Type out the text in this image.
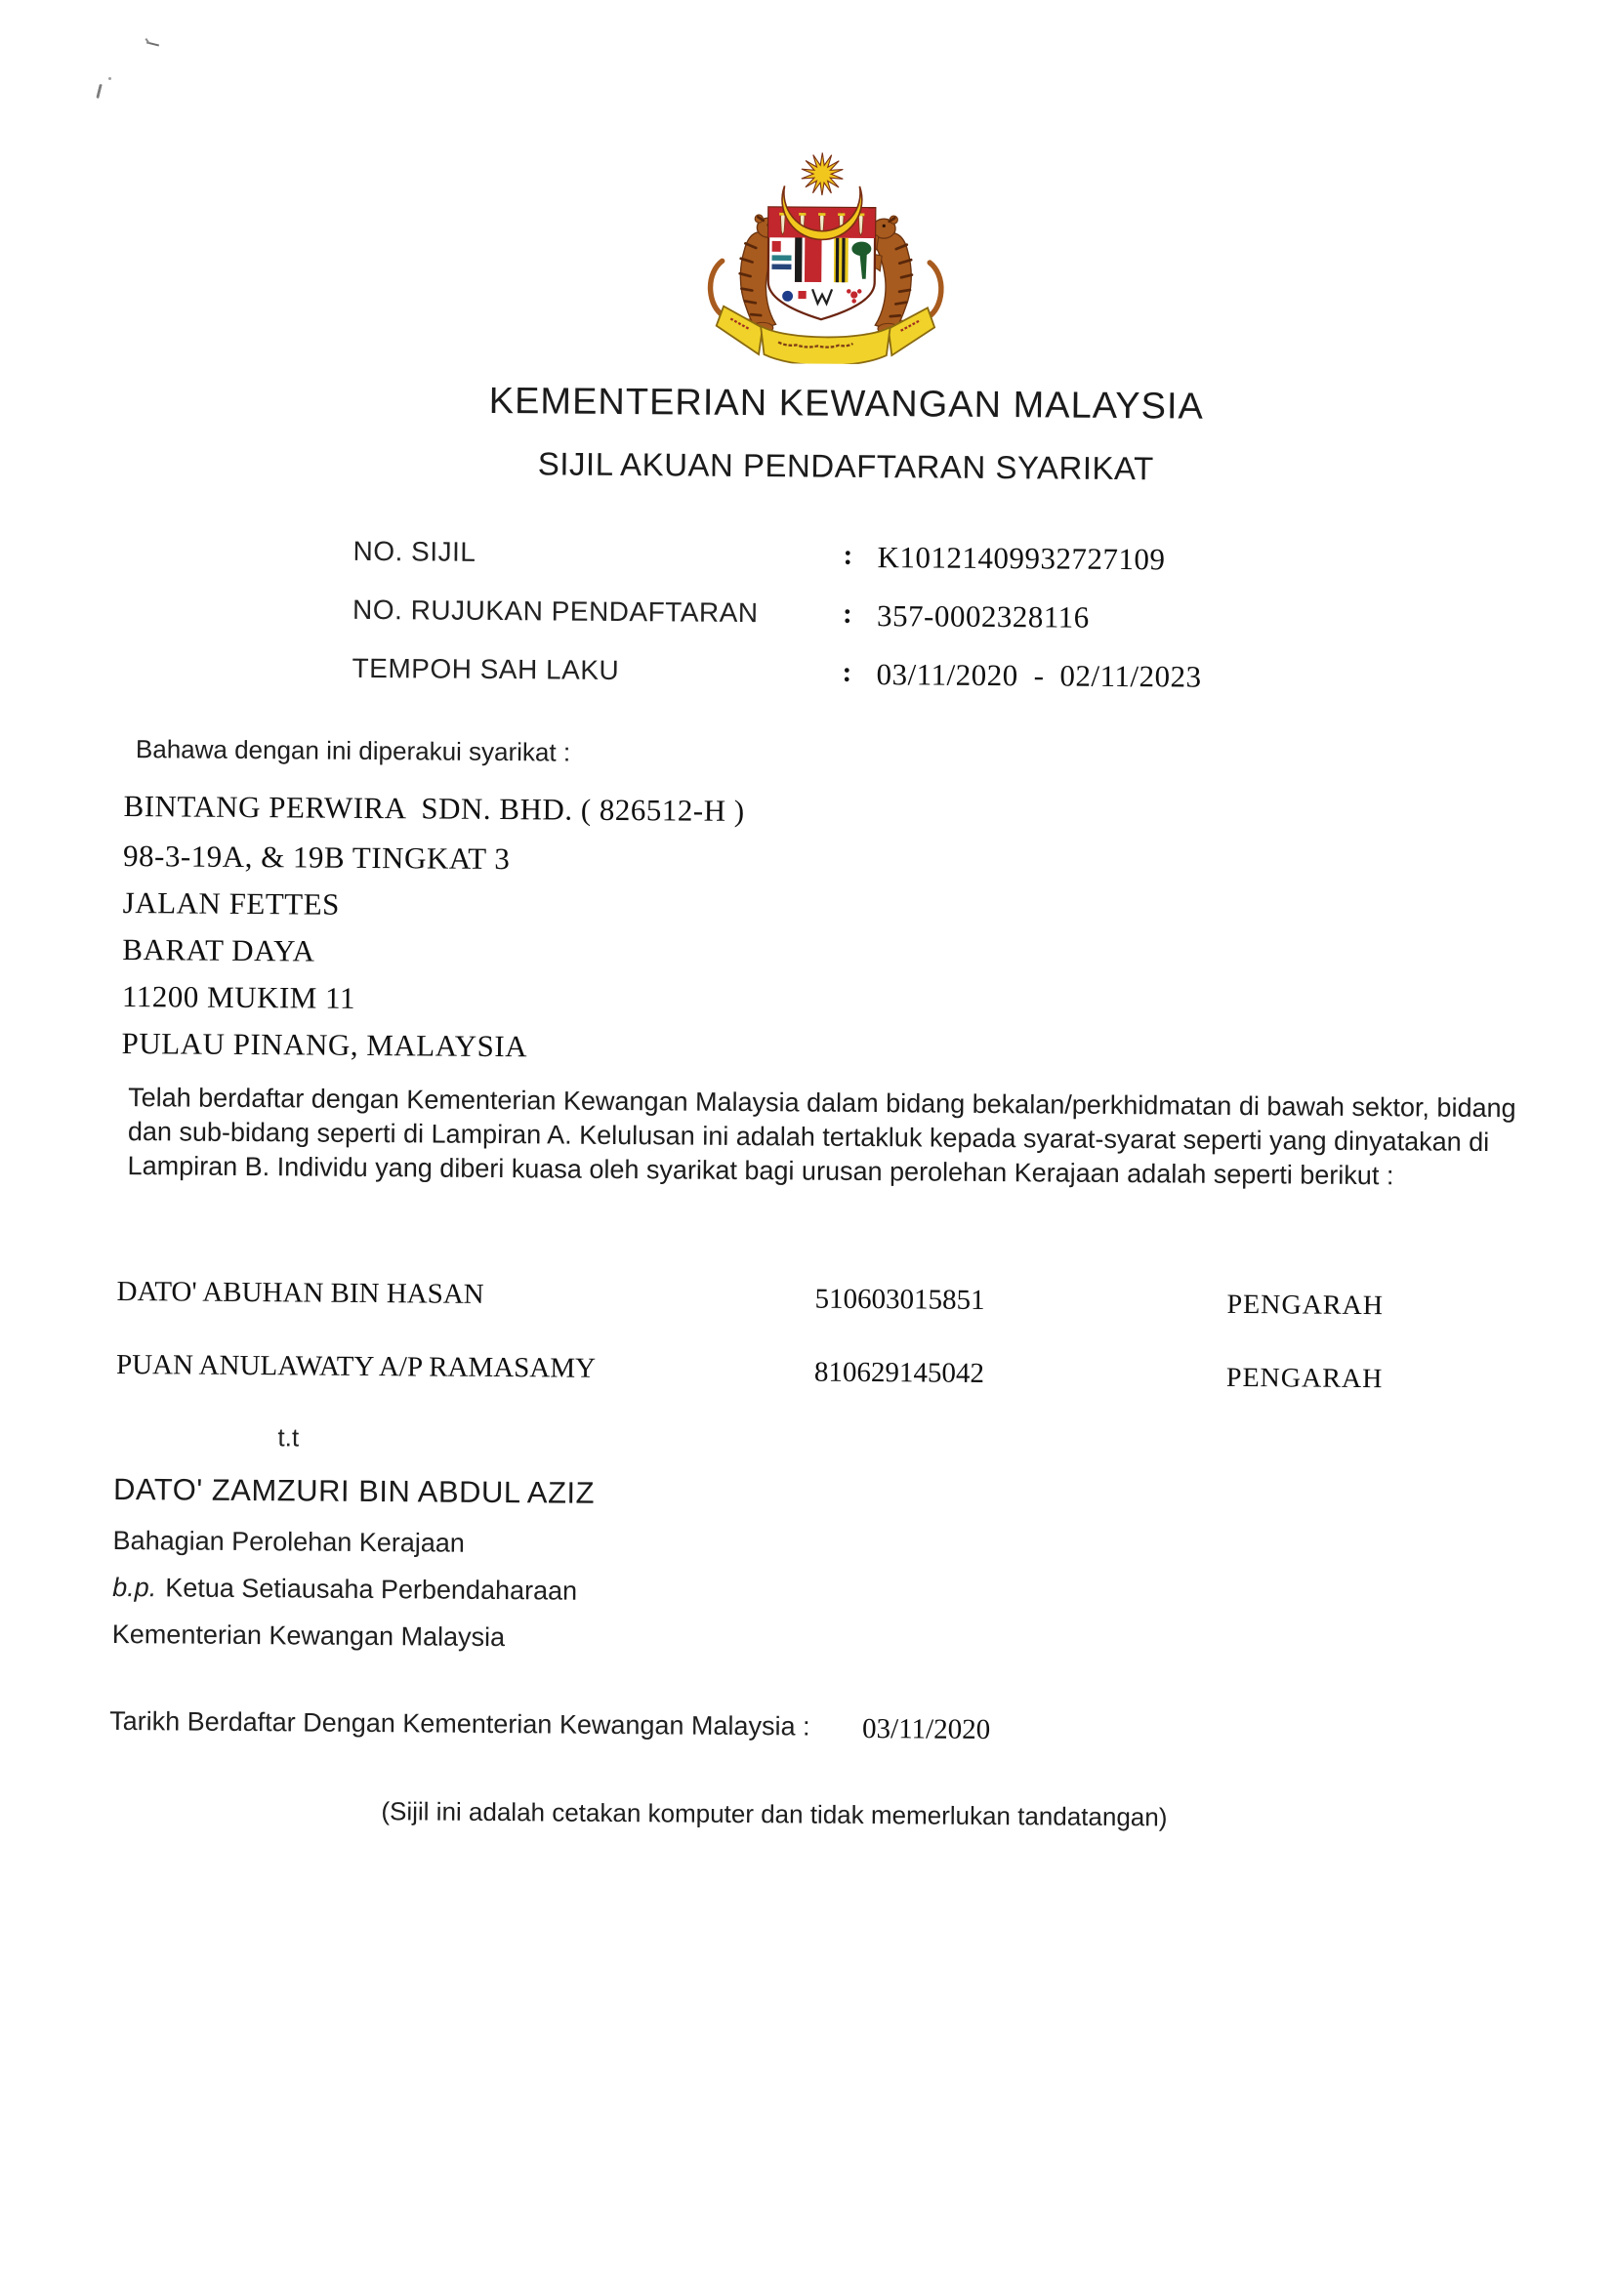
KEMENTERIAN KEWANGAN MALAYSIA
SIJIL AKUAN PENDAFTARAN SYARIKAT
NO. SIJIL	: K10121409932727109
NO. RUJUKAN PENDAFTARAN	: 357-0002328116
TEMPOH SAH LAKU	: 03/11/2020 - 02/11/2023
Bahawa dengan ini diperakui syarikat :
BINTANG PERWIRA  SDN. BHD. ( 826512-H )
98-3-19A, & 19B TINGKAT 3
JALAN FETTES
BARAT DAYA
11200 MUKIM 11
PULAU PINANG, MALAYSIA
Telah berdaftar dengan Kementerian Kewangan Malaysia dalam bidang bekalan/perkhidmatan di bawah sektor, bidang
dan sub-bidang seperti di Lampiran A. Kelulusan ini adalah tertakluk kepada syarat-syarat seperti yang dinyatakan di
Lampiran B. Individu yang diberi kuasa oleh syarikat bagi urusan perolehan Kerajaan adalah seperti berikut :
DATO' ABUHAN BIN HASAN	510603015851	PENGARAH
PUAN ANULAWATY A/P RAMASAMY	810629145042	PENGARAH
t.t
DATO' ZAMZURI BIN ABDUL AZIZ
Bahagian Perolehan Kerajaan
b.p. Ketua Setiausaha Perbendaharaan
Kementerian Kewangan Malaysia
Tarikh Berdaftar Dengan Kementerian Kewangan Malaysia : 03/11/2020
(Sijil ini adalah cetakan komputer dan tidak memerlukan tandatangan)
